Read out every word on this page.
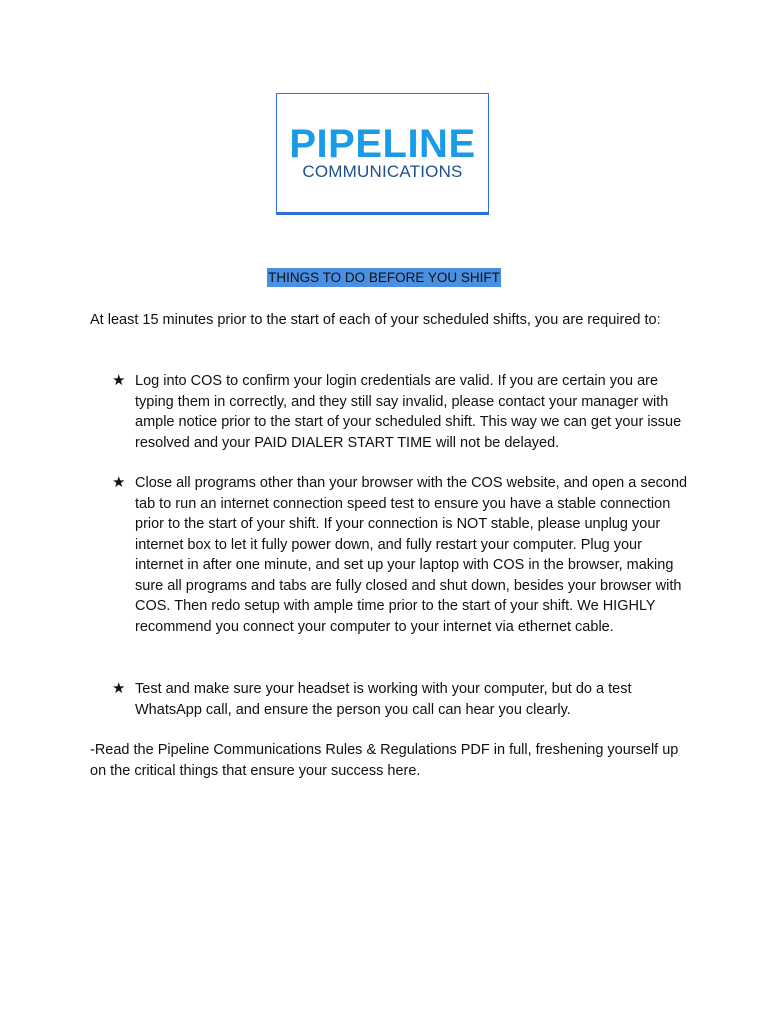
PIPELINE
COMMUNICATIONS
THINGS TO DO BEFORE YOU SHIFT
At least 15 minutes prior to the start of each of your scheduled shifts, you are required to:
★ Log into COS to confirm your login credentials are valid. If you are certain you are typing them in correctly, and they still say invalid, please contact your manager with ample notice prior to the start of your scheduled shift. This way we can get your issue resolved and your PAID DIALER START TIME will not be delayed.
★ Close all programs other than your browser with the COS website, and open a second tab to run an internet connection speed test to ensure you have a stable connection prior to the start of your shift. If your connection is NOT stable, please unplug your internet box to let it fully power down, and fully restart your computer. Plug your internet in after one minute, and set up your laptop with COS in the browser, making sure all programs and tabs are fully closed and shut down, besides your browser with COS. Then redo setup with ample time prior to the start of your shift. We HIGHLY recommend you connect your computer to your internet via ethernet cable.
★ Test and make sure your headset is working with your computer, but do a test WhatsApp call, and ensure the person you call can hear you clearly.
-Read the Pipeline Communications Rules & Regulations PDF in full, freshening yourself up on the critical things that ensure your success here.
